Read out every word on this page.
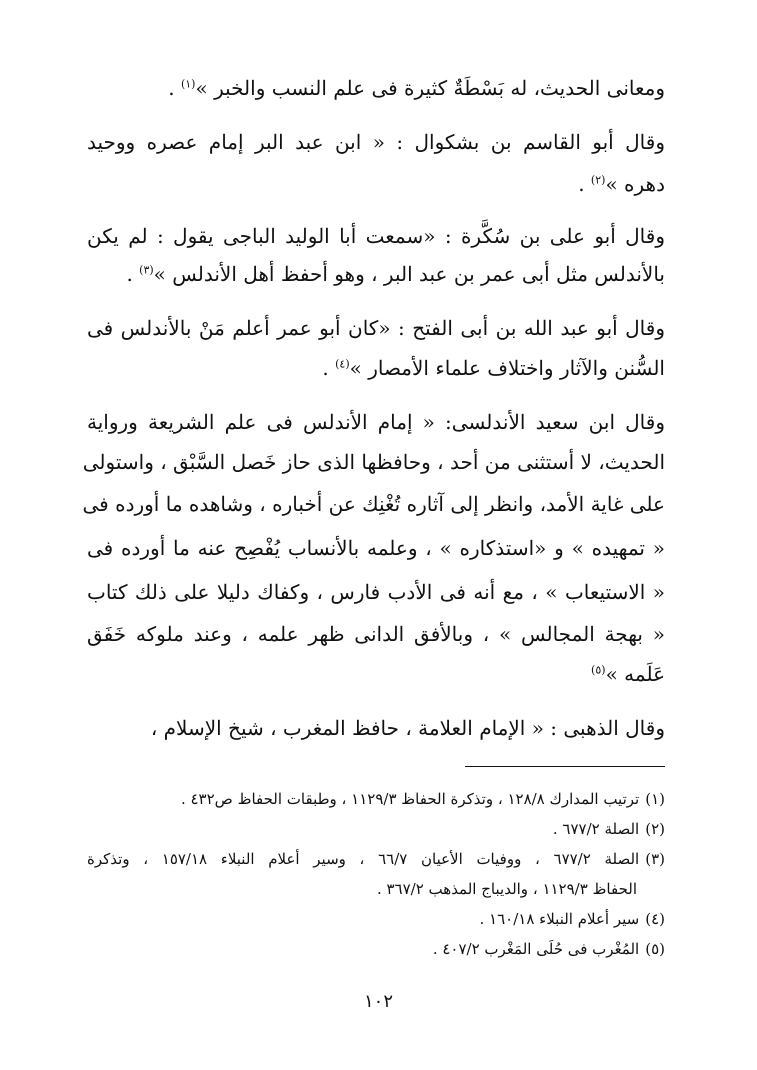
ومعانى الحديث، له بَسْطَةٌ كثيرة فى علم النسب والخبر »$^{(١)}$ .
وقال أبو القاسم بن بشكوال : « ابن عبد البر إمام عصره ووحيد
دهره »$^{(٢)}$ .
وقال أبو على بن سُكَّرة : «سمعت أبا الوليد الباجى يقول : لم يكن
بالأندلس مثل أبى عمر بن عبد البر ، وهو أحفظ أهل الأندلس »$^{(٣)}$ .
وقال أبو عبد الله بن أبى الفتح : «كان أبو عمر أعلم مَنْ بالأندلس فى
السُّنن والآثار واختلاف علماء الأمصار »$^{(٤)}$ .
وقال ابن سعيد الأندلسى: « إمام الأندلس فى علم الشريعة ورواية
الحديث، لا أستثنى من أحد ، وحافظها الذى حاز خَصل السَّبْق ، واستولى
على غاية الأمد، وانظر إلى آثاره تُغْنِك عن أخباره ، وشاهده ما أورده فى
« تمهيده » و «استذكاره » ، وعلمه بالأنساب يُفْصِح عنه ما أورده فى
« الاستيعاب » ، مع أنه فى الأدب فارس ، وكفاك دليلا على ذلك كتاب
« بهجة المجالس » ، وبالأفق الدانى ظهر علمه ، وعند ملوكه خَفَق
عَلَمه »$^{(٥)}$
وقال الذهبى : « الإمام العلامة ، حافظ المغرب ، شيخ الإسلام ،
(١)ترتيب المدارك ١٢٨/٨ ، وتذكرة الحفاظ ١١٢٩/٣ ، وطبقات الحفاظ ص٤٣٢ .
(٢)الصلة ٦٧٧/٢ .
(٣)الصلة ٦٧٧/٢ ، ووفيات الأعيان ٦٦/٧ ، وسير أعلام النبلاء ١٥٧/١٨ ، وتذكرة
الحفاظ ١١٢٩/٣ ، والديباج المذهب ٣٦٧/٢ .
(٤)سير أعلام النبلاء ١٦٠/١٨ .
(٥)المُغْرب فى حُلَى المَغْرب ٤٠٧/٢ .
١٠٢
